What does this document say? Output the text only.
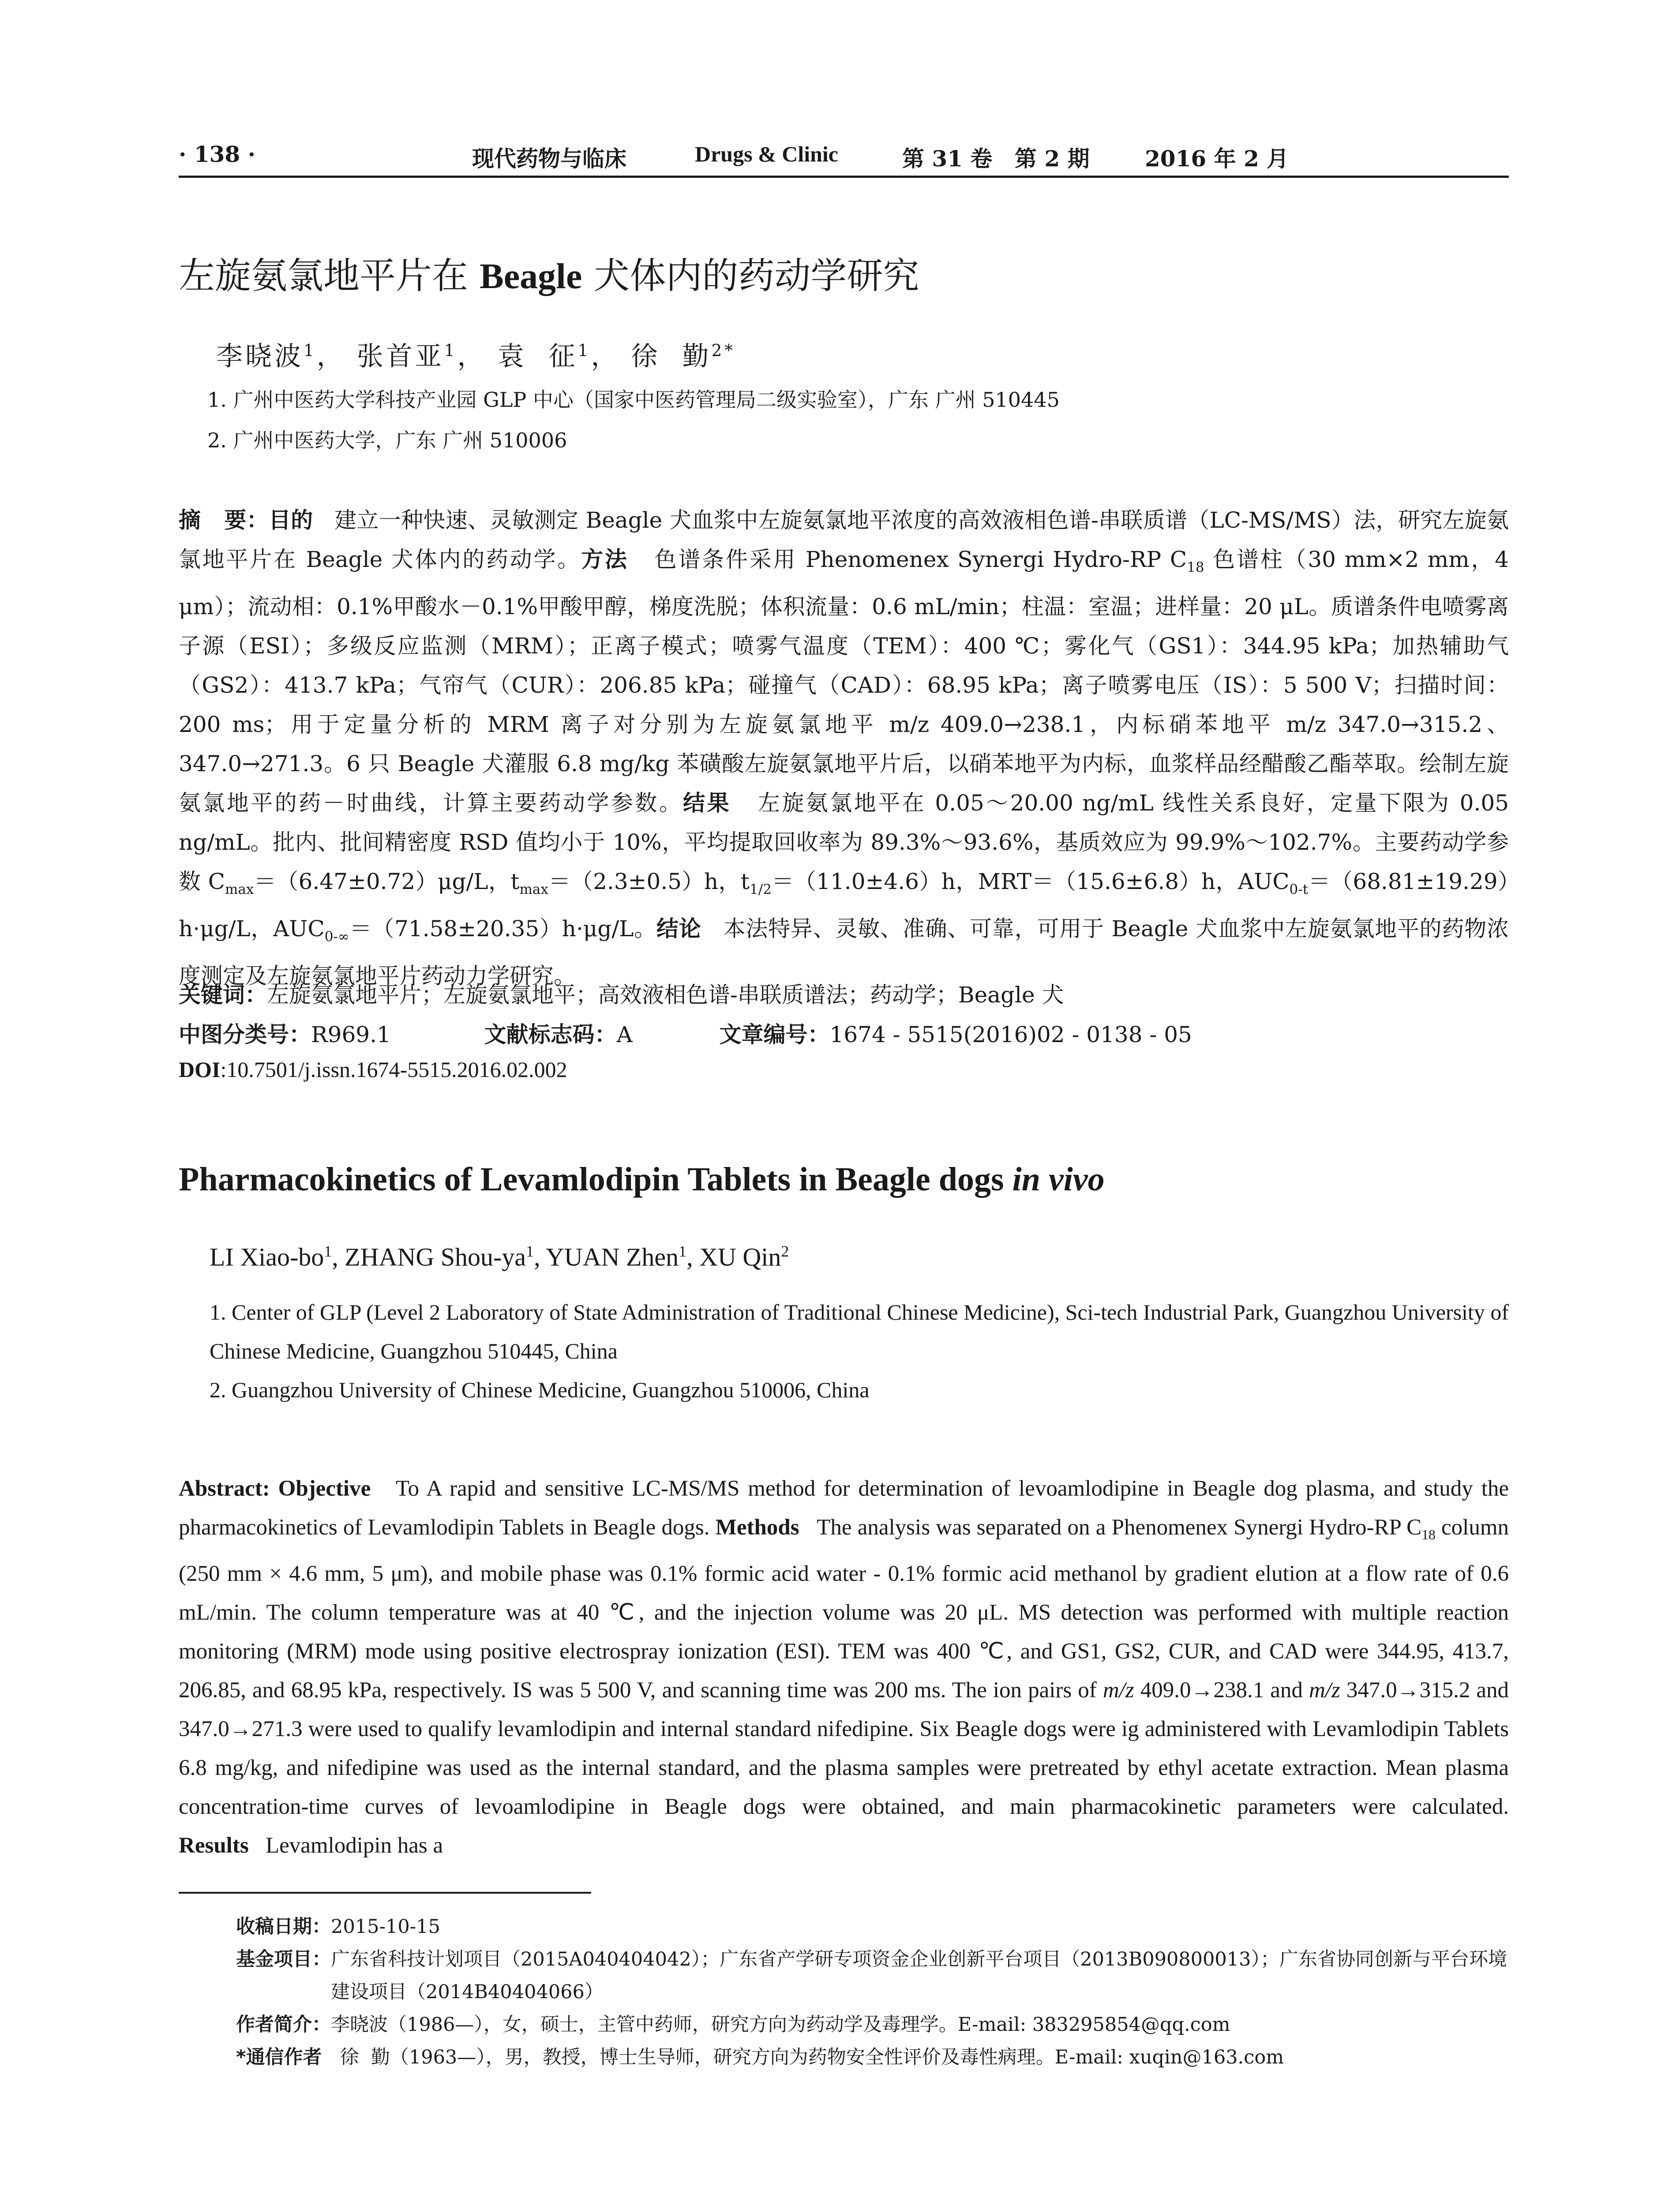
· 138 ·	现代药物与临床	Drugs & Clinic	第 31 卷 第 2 期	2016 年 2 月
左旋氨氯地平片在 Beagle 犬体内的药动学研究
李晓波$^1$， 张首亚$^1$， 袁  征$^1$， 徐  勤$^{2*}$
1. 广州中医药大学科技产业园 GLP 中心（国家中医药管理局二级实验室），广东 广州 510445
2. 广州中医药大学，广东 广州 510006
摘   要：目的 建立一种快速、灵敏测定 Beagle 犬血浆中左旋氨氯地平浓度的高效液相色谱-串联质谱（LC-MS/MS）法，研究左旋氨氯地平片在 Beagle 犬体内的药动学。方法 色谱条件采用 Phenomenex Synergi Hydro-RP $C_{18}$ 色谱柱（30 mm×2 mm，4 μm）；流动相：0.1%甲酸水－0.1%甲酸甲醇，梯度洗脱；体积流量：0.6 mL/min；柱温：室温；进样量：20 μL。质谱条件电喷雾离子源（ESI）；多级反应监测（MRM）；正离子模式；喷雾气温度（TEM）：400 ℃；雾化气（GS1）：344.95 kPa；加热辅助气（GS2）：413.7 kPa；气帘气（CUR）：206.85 kPa；碰撞气（CAD）：68.95 kPa；离子喷雾电压（IS）：5 500 V；扫描时间：200 ms；用于定量分析的 MRM 离子对分别为左旋氨氯地平 m/z 409.0→238.1，内标硝苯地平 m/z 347.0→315.2、347.0→271.3。6 只 Beagle 犬灌服 6.8 mg/kg 苯磺酸左旋氨氯地平片后，以硝苯地平为内标，血浆样品经醋酸乙酯萃取。绘制左旋氨氯地平的药－时曲线，计算主要药动学参数。结果 左旋氨氯地平在 0.05～20.00 ng/mL 线性关系良好，定量下限为 0.05 ng/mL。批内、批间精密度 RSD 值均小于 10%，平均提取回收率为 89.3%～93.6%，基质效应为 99.9%～102.7%。主要药动学参数 $C_{max}=(6.47\pm 0.72)\mu g/L$，$t_{max}=(2.3\pm 0.5)h$，$t_{1/2}=(11.0\pm 4.6)h$，MRT＝（15.6±6.8）h，$AUC_{0-t}=(68.81\pm 19.29)h\cdot\mu g/L$，$AUC_{0-\infty}=(71.58\pm 20.35)h\cdot\mu g/L$。结论 本法特异、灵敏、准确、可靠，可用于 Beagle 犬血浆中左旋氨氯地平的药物浓度测定及左旋氨氯地平片药动力学研究。
关键词：左旋氨氯地平片；左旋氨氯地平；高效液相色谱-串联质谱法；药动学；Beagle 犬
中图分类号：R969.1	文献标志码：A	文章编号：1674 - 5515(2016)02 - 0138 - 05
DOI:10.7501/j.issn.1674-5515.2016.02.002
Pharmacokinetics of Levamlodipin Tablets in Beagle dogs in vivo
LI Xiao-$bo^1$, ZHANG Shou-$ya^1$, YUAN Zhen$^1$, XU Qin$^2$
1. Center of GLP (Level 2 Laboratory of State Administration of Traditional Chinese Medicine), Sci-tech Industrial Park, Guangzhou University of Chinese Medicine, Guangzhou 510445, China
2. Guangzhou University of Chinese Medicine, Guangzhou 510006, China
Abstract: Objective To A rapid and sensitive LC-MS/MS method for determination of levoamlodipine in Beagle dog plasma, and study the pharmacokinetics of Levamlodipin Tablets in Beagle dogs. Methods The analysis was separated on a Phenomenex Synergi Hydro-RP $C_{18}$ column (250 mm × 4.6 mm, 5 μm), and mobile phase was 0.1% formic acid water - 0.1% formic acid methanol by gradient elution at a flow rate of 0.6 mL/min. The column temperature was at 40 ℃, and the injection volume was 20 μL. MS detection was performed with multiple reaction monitoring (MRM) mode using positive electrospray ionization (ESI). TEM was 400 ℃, and GS1, GS2, CUR, and CAD were 344.95, 413.7, 206.85, and 68.95 kPa, respectively. IS was 5 500 V, and scanning time was 200 ms. The ion pairs of m/z 409.0→238.1 and m/z 347.0→315.2 and 347.0→271.3 were used to qualify levamlodipin and internal standard nifedipine. Six Beagle dogs were ig administered with Levamlodipin Tablets 6.8 mg/kg, and nifedipine was used as the internal standard, and the plasma samples were pretreated by ethyl acetate extraction. Mean plasma concentration-time curves of levoamlodipine in Beagle dogs were obtained, and main pharmacokinetic parameters were calculated. Results Levamlodipin has a
收稿日期：2015-10-15
基金项目： 广东省科技计划项目（2015A040404042）；广东省产学研专项资金企业创新平台项目（2013B090800013）；广东省协同创新与平台环境建设项目（2014B40404066）
作者简介：李晓波（1986—），女，硕士，主管中药师，研究方向为药动学及毒理学。E-mail: 383295854@qq.com
*通信作者 徐  勤（1963—），男，教授，博士生导师，研究方向为药物安全性评价及毒性病理。E-mail: xuqin@163.com
